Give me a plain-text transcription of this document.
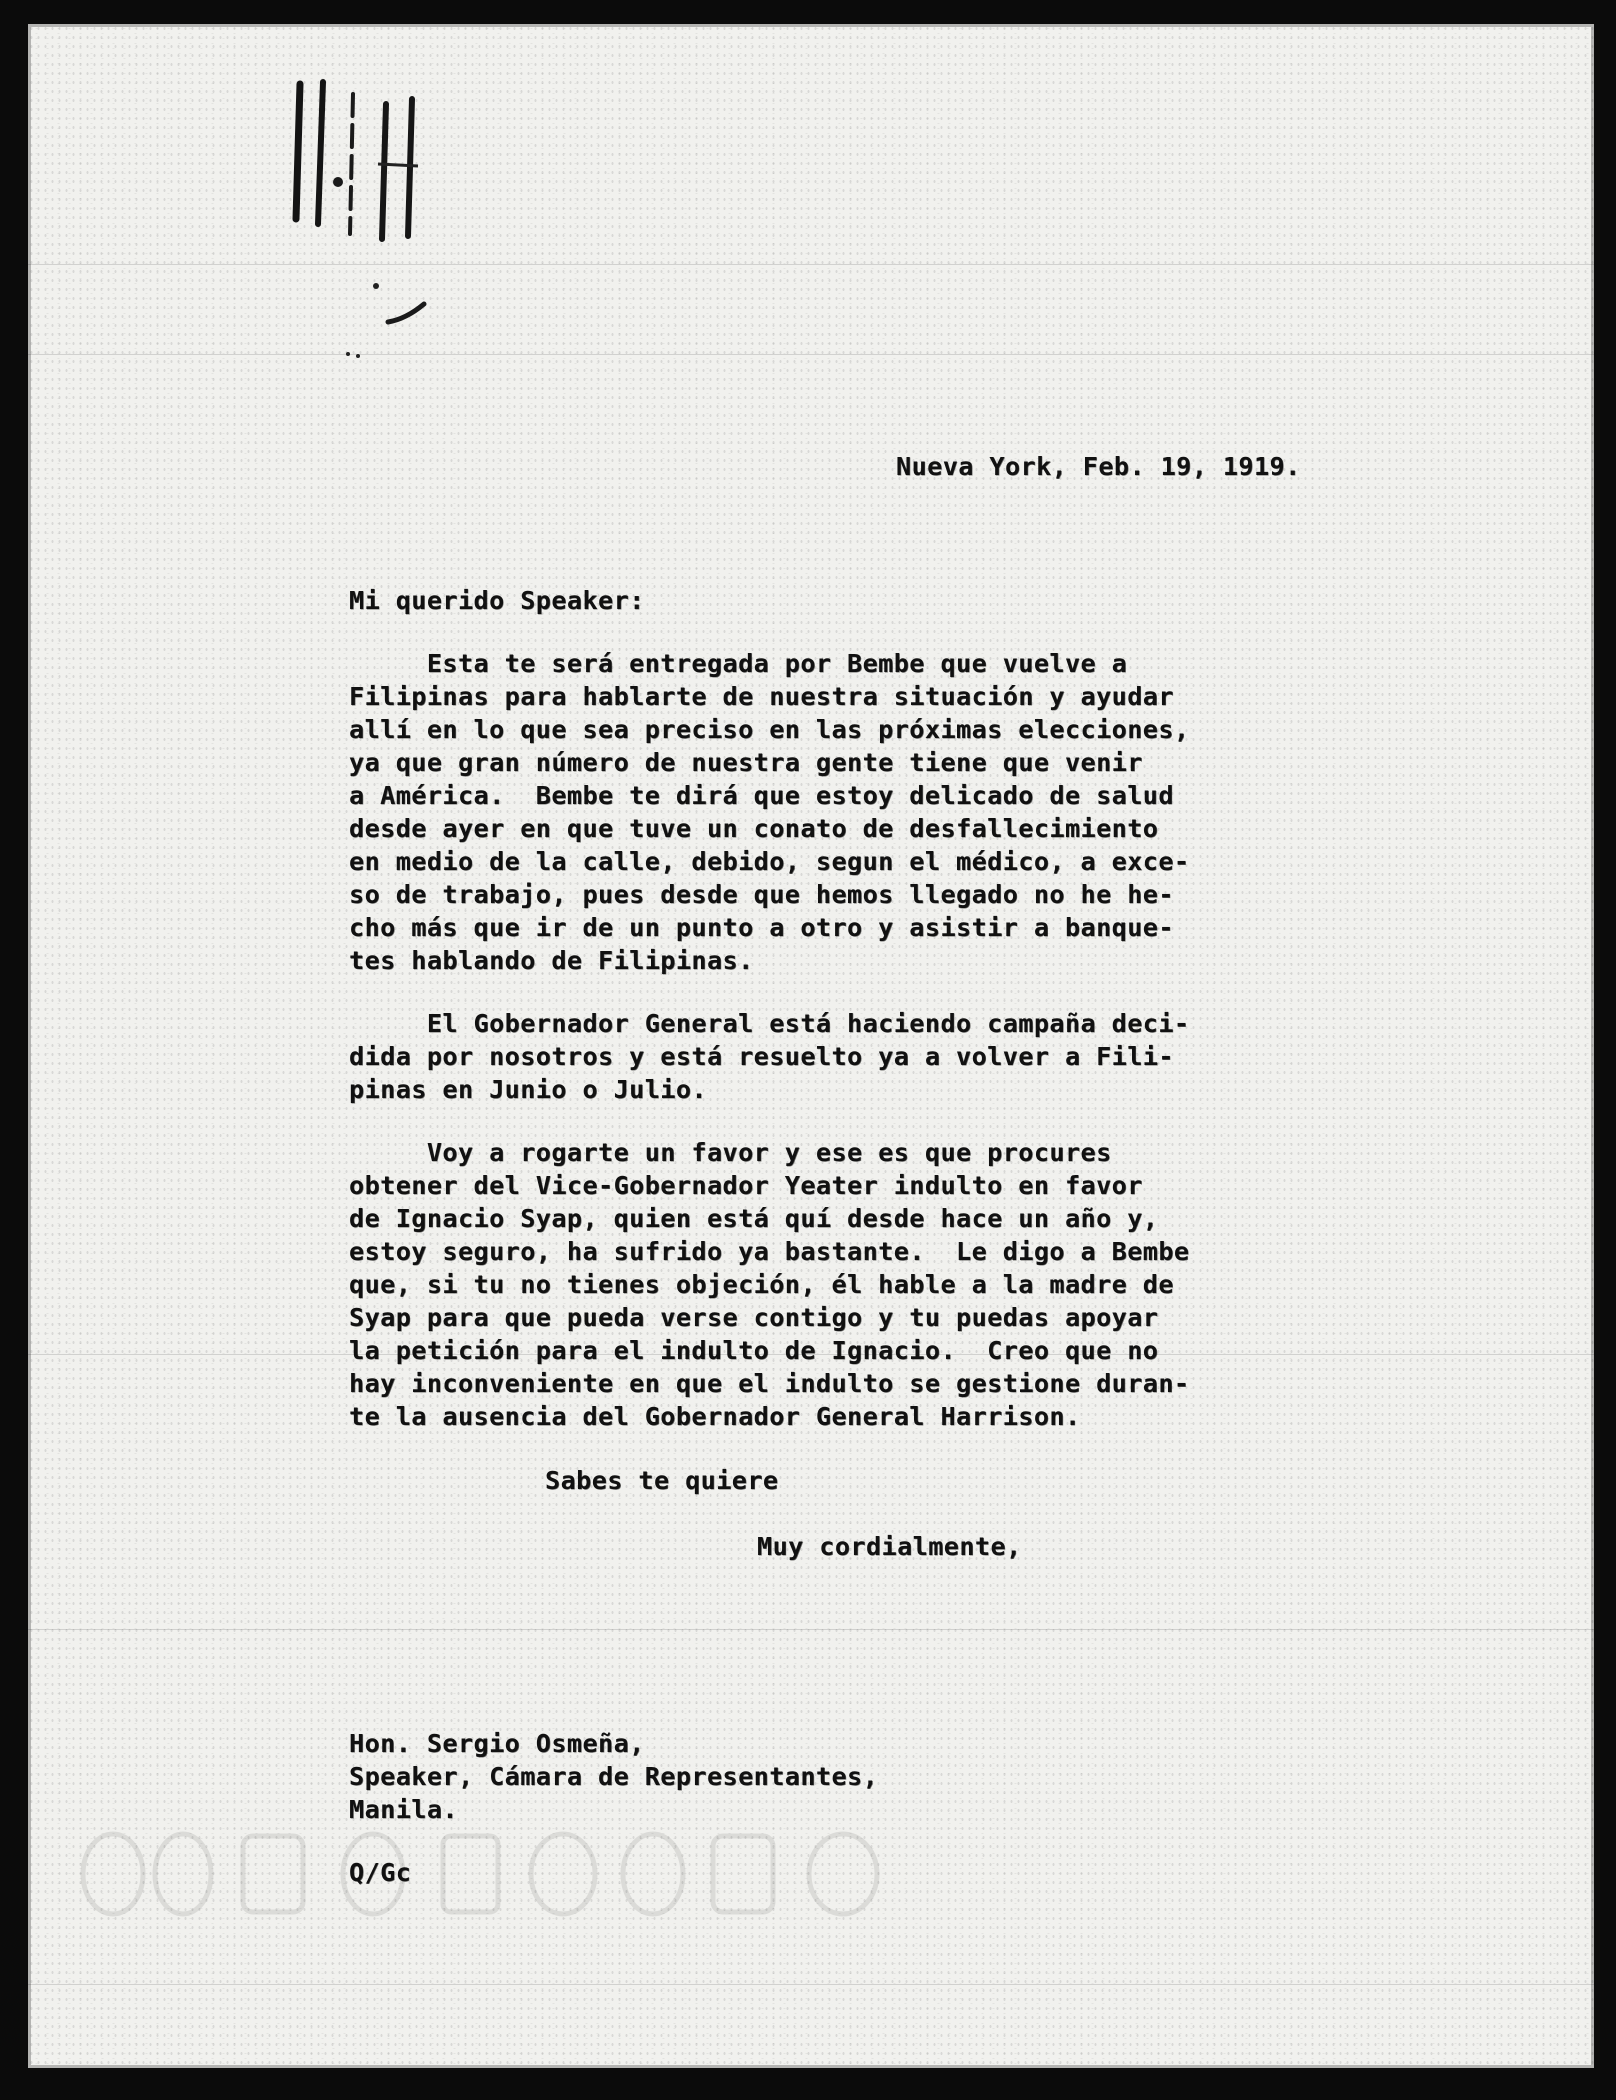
Nueva York, Feb. 19, 1919.
Mi querido Speaker:
Esta te será entregada por Bembe que vuelve a
Filipinas para hablarte de nuestra situación y ayudar
allí en lo que sea preciso en las próximas elecciones,
ya que gran número de nuestra gente tiene que venir
a América.  Bembe te dirá que estoy delicado de salud
desde ayer en que tuve un conato de desfallecimiento
en medio de la calle, debido, segun el médico, a exce-
so de trabajo, pues desde que hemos llegado no he he-
cho más que ir de un punto a otro y asistir a banque-
tes hablando de Filipinas.
El Gobernador General está haciendo campaña deci-
dida por nosotros y está resuelto ya a volver a Fili-
pinas en Junio o Julio.
Voy a rogarte un favor y ese es que procures
obtener del Vice-Gobernador Yeater indulto en favor
de Ignacio Syap, quien está quí desde hace un año y,
estoy seguro, ha sufrido ya bastante.  Le digo a Bembe
que, si tu no tienes objeción, él hable a la madre de
Syap para que pueda verse contigo y tu puedas apoyar
la petición para el indulto de Ignacio.  Creo que no
hay inconveniente en que el indulto se gestione duran-
te la ausencia del Gobernador General Harrison.
Sabes te quiere
Muy cordialmente,
Hon. Sergio Osmeña,
Speaker, Cámara de Representantes,
Manila.
Q/Gc
